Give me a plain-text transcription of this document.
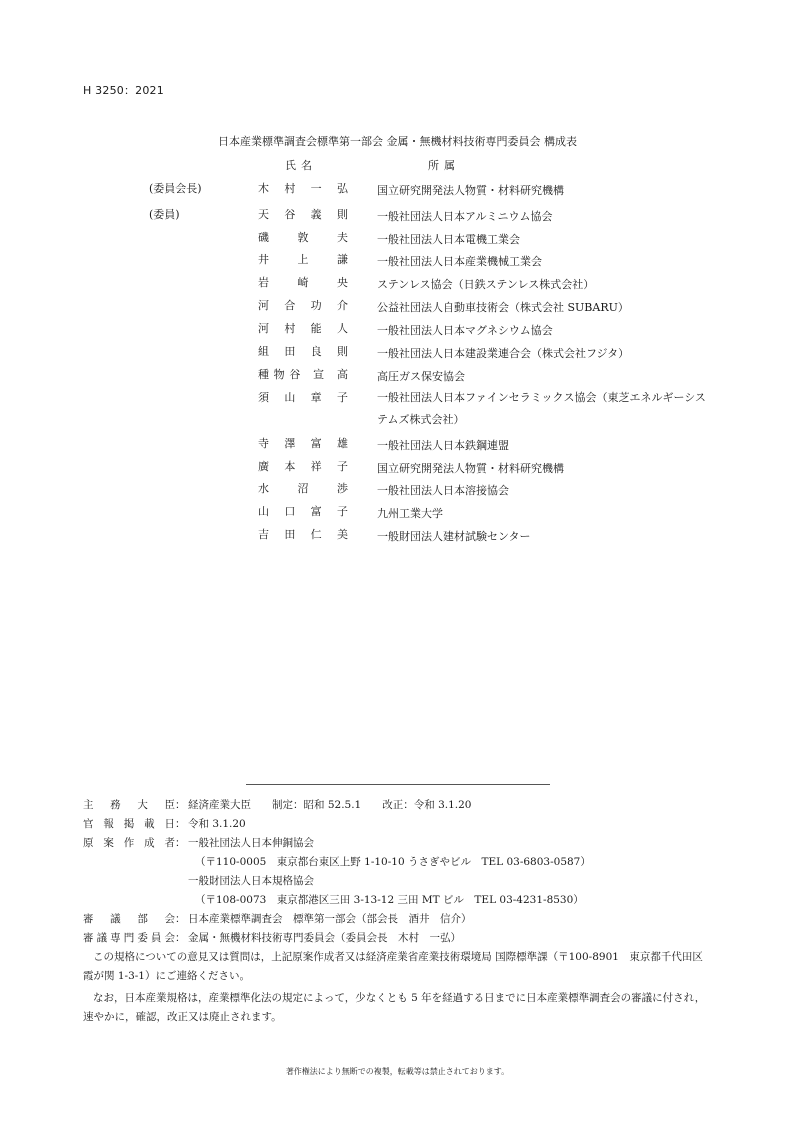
H 3250：2021
日本産業標準調査会標準第一部会 金属・無機材料技術専門委員会 構成表
氏名	所属
(委員会長)	木 村 一 弘	国立研究開発法人物質・材料研究機構
(委員)	天 谷 義 則	一般社団法人日本アルミニウム協会
磯 敦 夫	一般社団法人日本電機工業会
井 上 謙	一般社団法人日本産業機械工業会
岩 崎 央	ステンレス協会（日鉄ステンレス株式会社）
河 合 功 介	公益社団法人自動車技術会（株式会社 SUBARU）
河 村 能 人	一般社団法人日本マグネシウム協会
組 田 良 則	一般社団法人日本建設業連合会（株式会社フジタ）
種物谷 宣 高	高圧ガス保安協会
須 山 章 子	一般社団法人日本ファインセラミックス協会（東芝エネルギーシステムズ株式会社）
寺 澤 富 雄	一般社団法人日本鉄鋼連盟
廣 本 祥 子	国立研究開発法人物質・材料研究機構
水 沼 渉	一般社団法人日本溶接協会
山 口 富 子	九州工業大学
吉 田 仁 美	一般財団法人建材試験センター
主務大臣 ： 経済産業大臣　　制定：昭和 52.5.1　　改正：令和 3.1.20
官報掲載日 ： 令和 3.1.20
原案作成者 ： 一般社団法人日本伸銅協会
（〒110-0005　東京都台東区上野 1-10-10 うさぎやビル　TEL 03-6803-0587）
一般財団法人日本規格協会
（〒108-0073　東京都港区三田 3-13-12 三田 MT ビル　TEL 03-4231-8530）
審議部会 ： 日本産業標準調査会　標準第一部会（部会長　酒井　信介）
審議専門委員会 ： 金属・無機材料技術専門委員会（委員会長　木村　一弘）
この規格についての意見又は質問は，上記原案作成者又は経済産業省産業技術環境局 国際標準課（〒100-8901　東京都千代田区霞が関 1-3-1）にご連絡ください。
なお，日本産業規格は，産業標準化法の規定によって，少なくとも 5 年を経過する日までに日本産業標準調査会の審議に付され，速やかに，確認，改正又は廃止されます。
著作権法により無断での複製，転載等は禁止されております。
